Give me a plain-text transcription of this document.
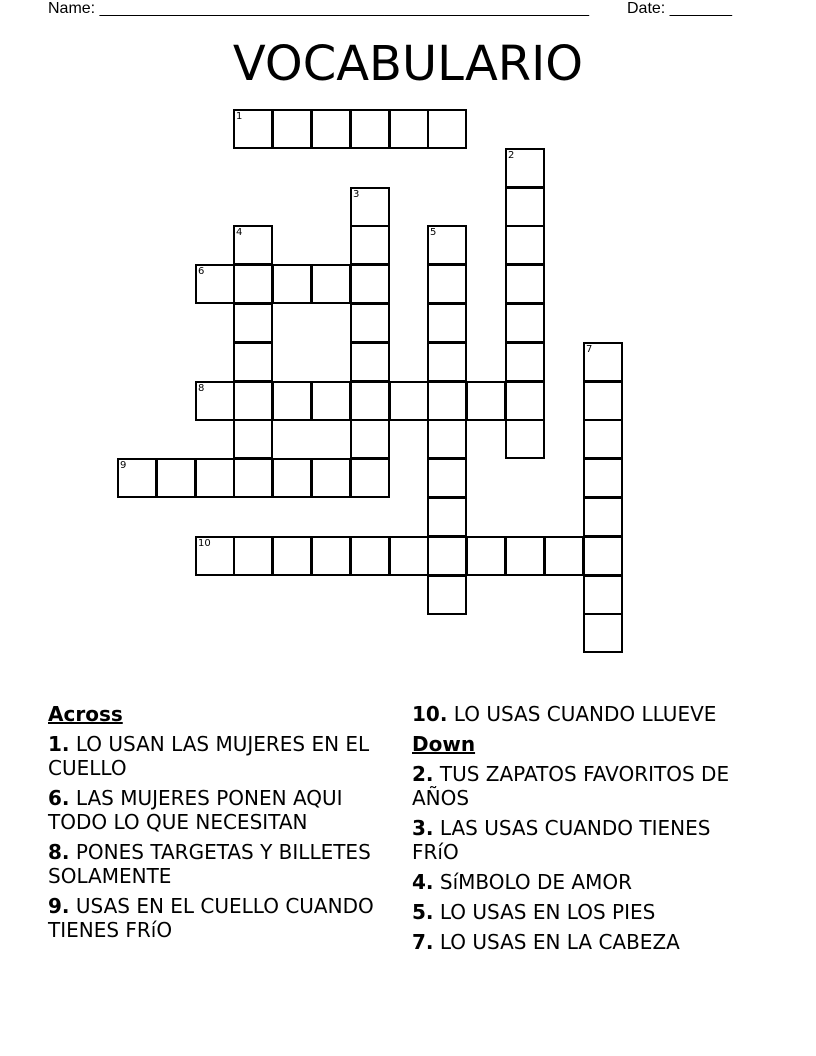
Name: _______________________________________________________ Date: _______
VOCABULARIO
1
2
3
4	5
6
7
8
9
10
Across
1. LO USAN LAS MUJERES EN EL CUELLO
6. LAS MUJERES PONEN AQUI TODO LO QUE NECESITAN
8. PONES TARGETAS Y BILLETES SOLAMENTE
9. USAS EN EL CUELLO CUANDO TIENES FRíO
10. LO USAS CUANDO LLUEVE
Down
2. TUS ZAPATOS FAVORITOS DE AÑOS
3. LAS USAS CUANDO TIENES FRíO
4. SíMBOLO DE AMOR
5. LO USAS EN LOS PIES
7. LO USAS EN LA CABEZA
